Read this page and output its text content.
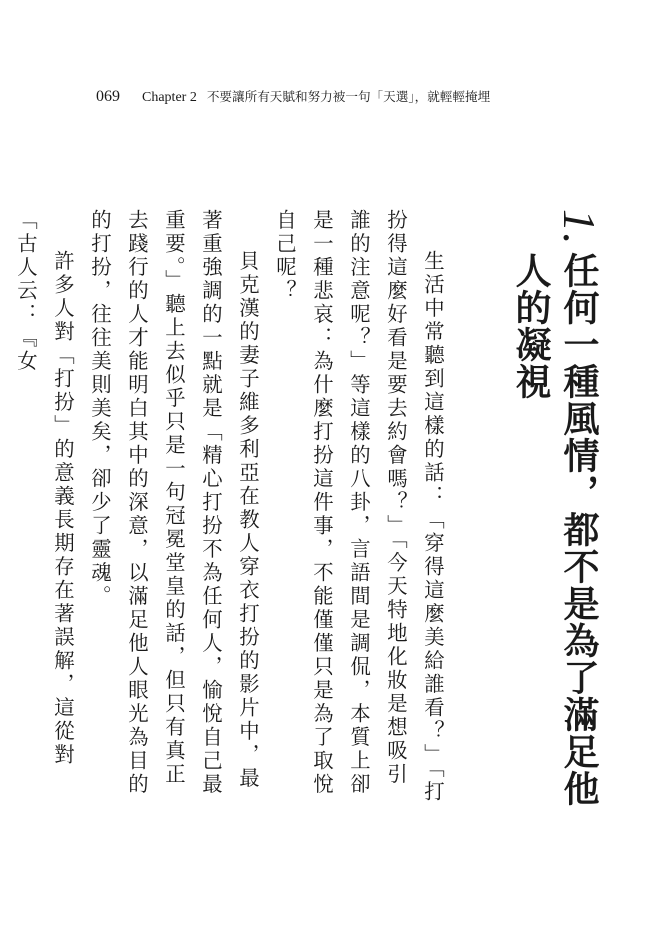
069 Chapter 2 不要讓所有天賦和努力被一句「天選」，就輕輕掩埋
1.
任何一種風情，都不是為了滿足他人的凝視

生活中常聽到這樣的話：「穿得這麼美給誰看？」「打扮得這麼好看是要去約會嗎？」「今天特地化妝是想吸引誰的注意呢？」等這樣的八卦，言語間是調侃，本質上卻是一種悲哀：為什麼打扮這件事，不能僅僅只是為了取悅自己呢？

貝克漢的妻子維多利亞在教人穿衣打扮的影片中，最著重強調的一點就是「精心打扮不為任何人，愉悅自己最重要。」聽上去似乎只是一句冠冕堂皇的話，但只有真正去踐行的人才能明白其中的深意，以滿足他人眼光為目的的打扮，往往美則美矣，卻少了靈魂。

許多人對「打扮」的意義長期存在著誤解，這從對「古人云：『女
